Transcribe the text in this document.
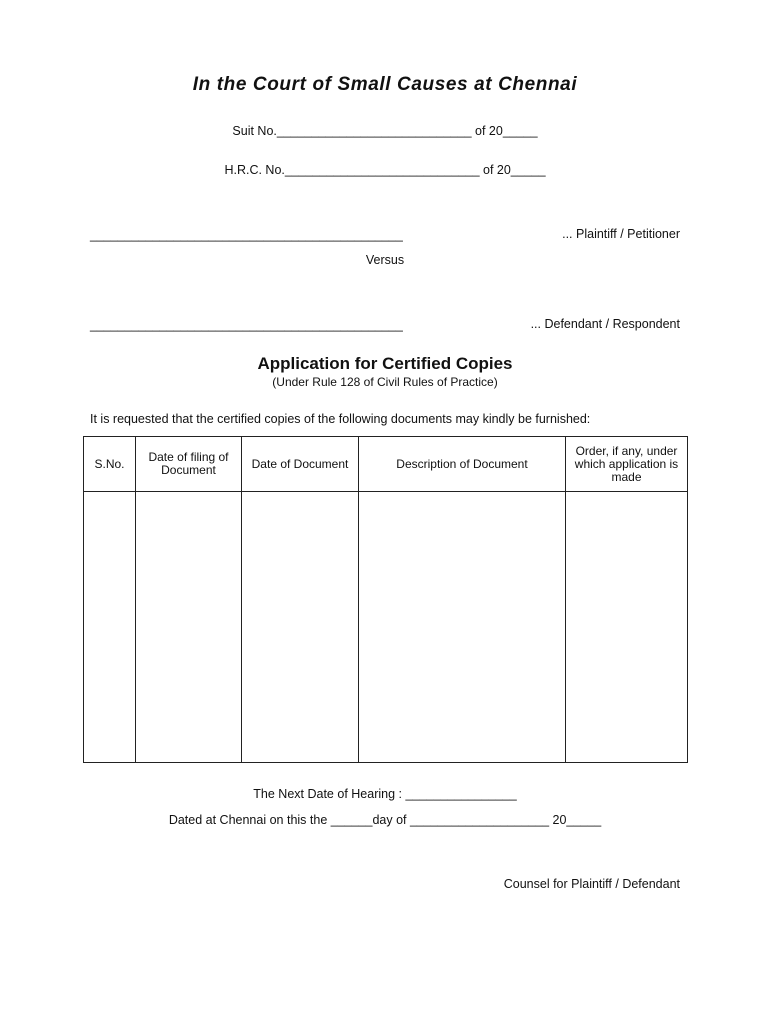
In the Court of Small Causes at Chennai
Suit No.____________________________ of 20_____
H.R.C. No.____________________________ of 20_____
_____________________________________________	... Plaintiff / Petitioner
Versus
_____________________________________________	... Defendant / Respondent
Application for Certified Copies
(Under Rule 128 of Civil Rules of Practice)
It is requested that the certified copies of the following documents may kindly be furnished:
S.No.	Date of filing of Document	Date of Document	Description of Document	Order, if any, under which application is made

The Next Date of Hearing : ________________
Dated at Chennai on this the ______day of ____________________ 20_____
Counsel for Plaintiff / Defendant
